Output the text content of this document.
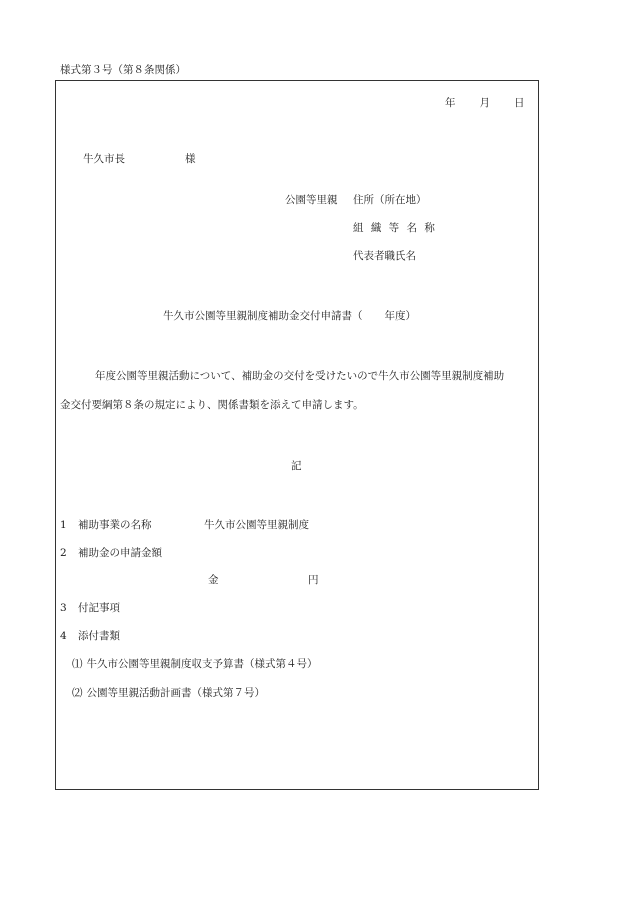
様式第３号（第８条関係）
年 月 日
牛久市長	様
公園等里親 住所（所在地）
組 織 等 名 称
代表者職氏名
牛久市公園等里親制度補助金交付申請書（ 年度）
年度公園等里親活動について、補助金の交付を受けたいので牛久市公園等里親制度補助
金交付要綱第８条の規定により、関係書類を添えて申請します。
記
1 補助事業の名称	牛久市公園等里親制度
2 補助金の申請金額
金	円
3 付記事項
4 添付書類
⑴ 牛久市公園等里親制度収支予算書（様式第４号）
⑵ 公園等里親活動計画書（様式第７号）
